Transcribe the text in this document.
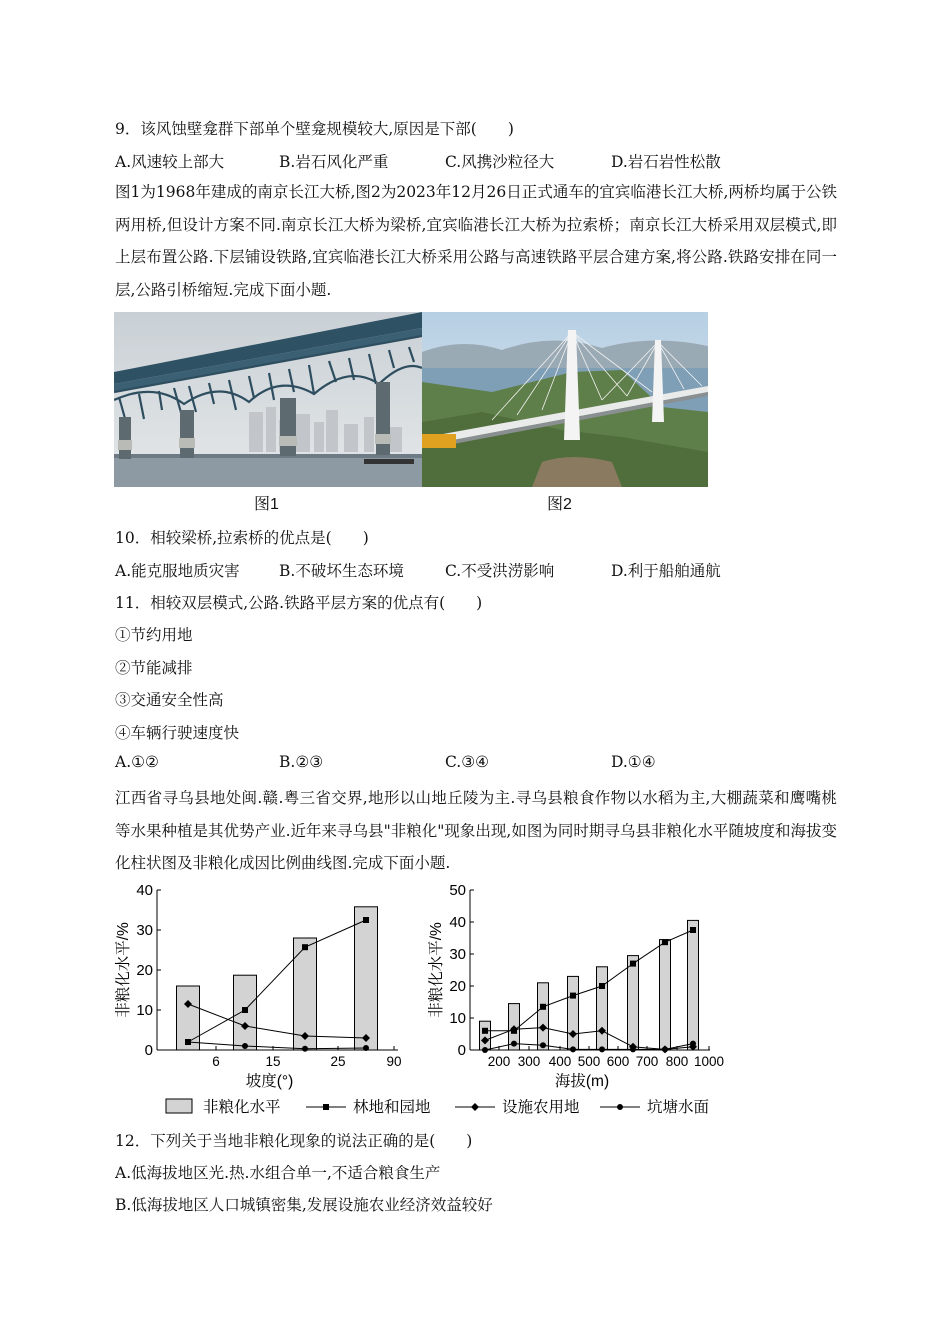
9．该风蚀壁龛群下部单个壁龛规模较大,原因是下部(　　)
A.风速较上部大	B.岩石风化严重	C.风携沙粒径大	D.岩石岩性松散
图1为1968年建成的南京长江大桥,图2为2023年12月26日正式通车的宜宾临港长江大桥,两桥均属于公铁两用桥,但设计方案不同.南京长江大桥为梁桥,宜宾临港长江大桥为拉索桥；南京长江大桥采用双层模式,即上层布置公路.下层铺设铁路,宜宾临港长江大桥采用公路与高速铁路平层合建方案,将公路.铁路安排在同一层,公路引桥缩短.完成下面小题.
图1	图2
10．相较梁桥,拉索桥的优点是(　　)
A.能克服地质灾害	B.不破坏生态环境	C.不受洪涝影响	D.利于船舶通航
11．相较双层模式,公路.铁路平层方案的优点有(　　)
①节约用地
②节能减排
③交通安全性高
④车辆行驶速度快
A.①②	B.②③	C.③④	D.①④
江西省寻乌县地处闽.赣.粤三省交界,地形以山地丘陵为主.寻乌县粮食作物以水稻为主,大棚蔬菜和鹰嘴桃等水果种植是其优势产业.近年来寻乌县"非粮化"现象出现,如图为同时期寻乌县非粮化水平随坡度和海拔变化柱状图及非粮化成因比例曲线图.完成下面小题.
0
10
20
30
40
6	15	25	90
非粮化水平/%
坡度(°)
0
10
20
30
40
50
200 300 400 500 600 700 800 1000
非粮化水平/%
海拔(m)
非粮化水平	林地和园地	设施农用地	坑塘水面
12．下列关于当地非粮化现象的说法正确的是(　　)
A.低海拔地区光.热.水组合单一,不适合粮食生产
B.低海拔地区人口城镇密集,发展设施农业经济效益较好
